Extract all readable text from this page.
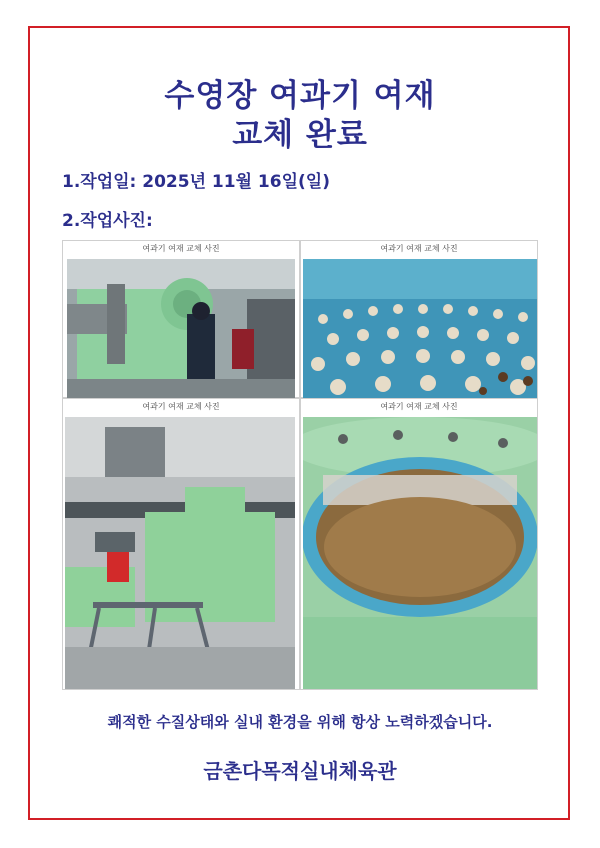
수영장 여과기 여재
교체 완료
1.작업일: 2025년 11월 16일(일)
2.작업사진:
여과기 여재 교체 사진	여과기 여재 교체 사진
여과기 여재 교체 사진	여과기 여재 교체 사진
쾌적한 수질상태와 실내 환경을 위해 항상 노력하겠습니다.
금촌다목적실내체육관
